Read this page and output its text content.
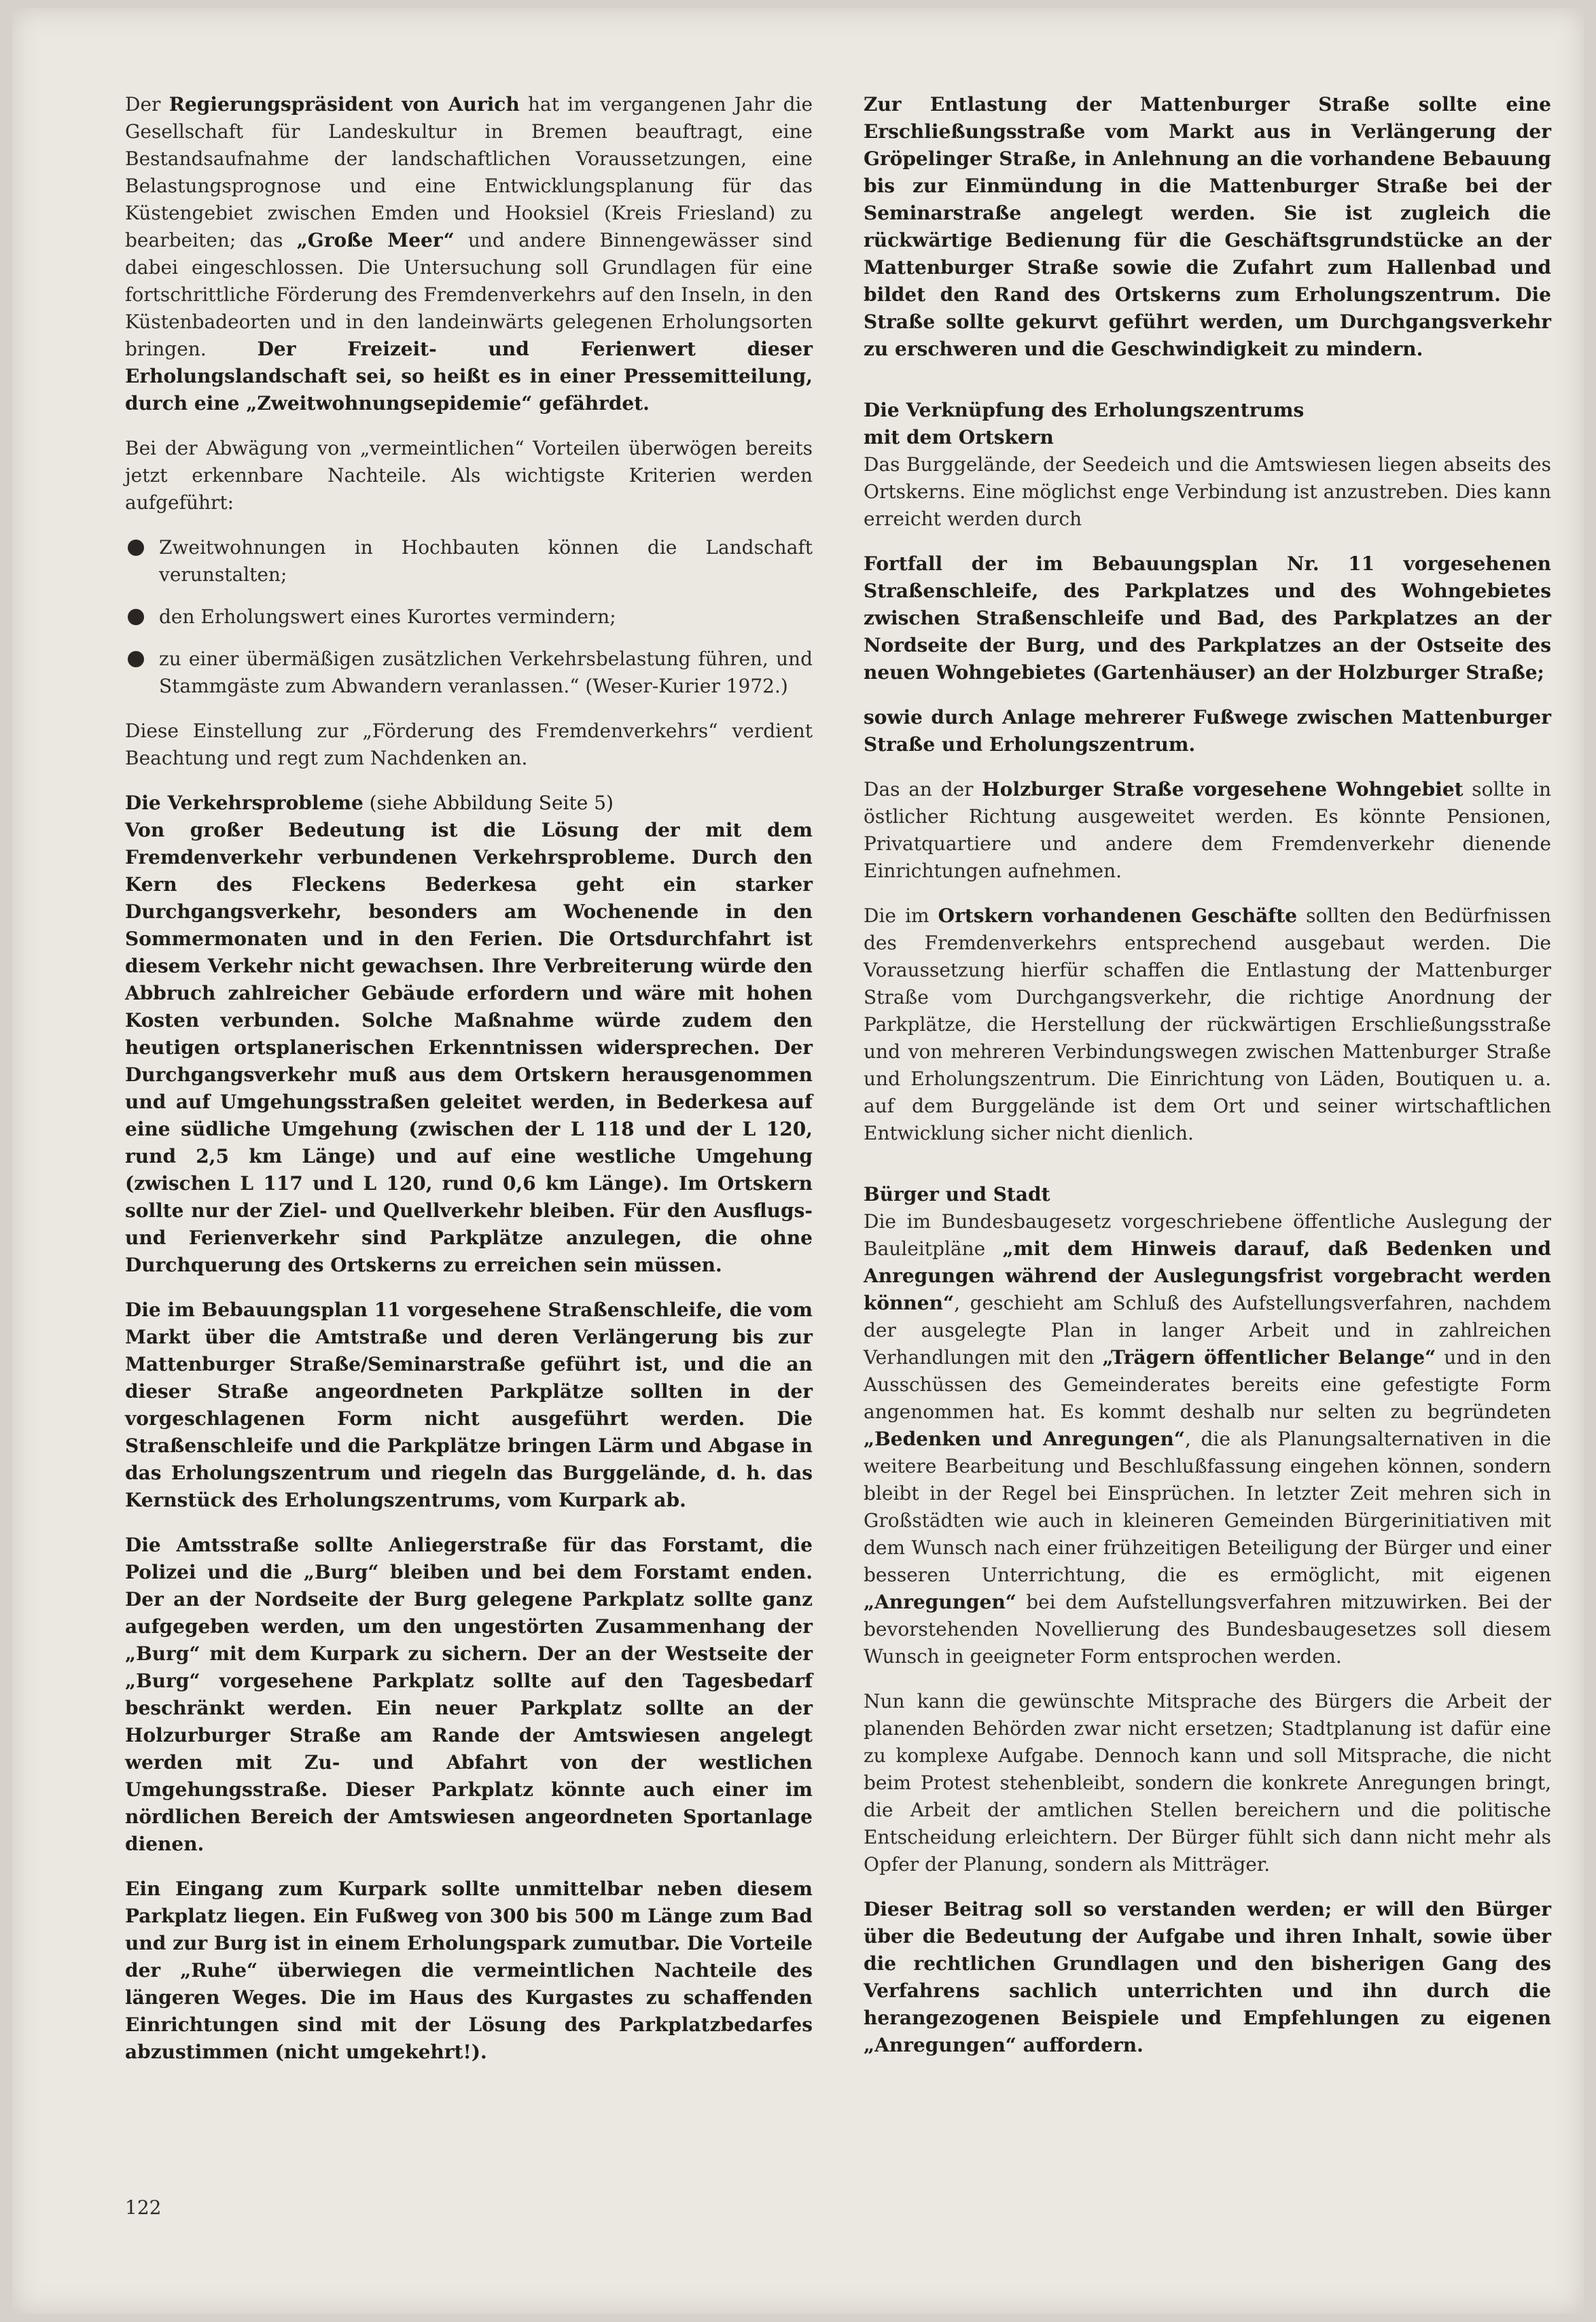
Der Regierungspräsident von Aurich hat im vergangenen Jahr die Gesellschaft für Landeskultur in Bremen beauftragt, eine Bestandsaufnahme der landschaftlichen Voraussetzungen, eine Belastungsprognose und eine Entwicklungsplanung für das Küstengebiet zwischen Emden und Hooksiel (Kreis Friesland) zu bearbeiten; das „Große Meer“ und andere Binnengewässer sind dabei eingeschlossen. Die Untersuchung soll Grundlagen für eine fortschrittliche Förderung des Fremdenverkehrs auf den Inseln, in den Küstenbadeorten und in den landeinwärts gelegenen Erholungsorten bringen. Der Freizeit- und Ferienwert dieser Erholungslandschaft sei, so heißt es in einer Pressemitteilung, durch eine „Zweitwohnungsepidemie“ gefährdet.

Bei der Abwägung von „vermeintlichen“ Vorteilen überwögen bereits jetzt erkennbare Nachteile. Als wichtigste Kriterien werden aufgeführt:

Zweitwohnungen in Hochbauten können die Landschaft verunstalten;
den Erholungswert eines Kurortes vermindern;
zu einer übermäßigen zusätzlichen Verkehrsbelastung führen, und Stammgäste zum Abwandern veranlassen.“ (Weser-Kurier 1972.)

Diese Einstellung zur „Förderung des Fremdenverkehrs“ verdient Beachtung und regt zum Nachdenken an.

Die Verkehrsprobleme (siehe Abbildung Seite 5)

Von großer Bedeutung ist die Lösung der mit dem Fremdenverkehr verbundenen Verkehrsprobleme. Durch den Kern des Fleckens Bederkesa geht ein starker Durchgangsverkehr, besonders am Wochenende in den Sommermonaten und in den Ferien. Die Ortsdurchfahrt ist diesem Verkehr nicht gewachsen. Ihre Verbreiterung würde den Abbruch zahlreicher Gebäude erfordern und wäre mit hohen Kosten verbunden. Solche Maßnahme würde zudem den heutigen ortsplanerischen Erkenntnissen widersprechen. Der Durchgangsverkehr muß aus dem Ortskern herausgenommen und auf Umgehungsstraßen geleitet werden, in Bederkesa auf eine südliche Umgehung (zwischen der L 118 und der L 120, rund 2,5 km Länge) und auf eine westliche Umgehung (zwischen L 117 und L 120, rund 0,6 km Länge). Im Ortskern sollte nur der Ziel- und Quellverkehr bleiben. Für den Ausflugs- und Ferienverkehr sind Parkplätze anzulegen, die ohne Durchquerung des Ortskerns zu erreichen sein müssen.

Die im Bebauungsplan 11 vorgesehene Straßenschleife, die vom Markt über die Amtstraße und deren Verlängerung bis zur Mattenburger Straße/Seminarstraße geführt ist, und die an dieser Straße angeordneten Parkplätze sollten in der vorgeschlagenen Form nicht ausgeführt werden. Die Straßenschleife und die Parkplätze bringen Lärm und Abgase in das Erholungszentrum und riegeln das Burggelände, d. h. das Kernstück des Erholungszentrums, vom Kurpark ab.

Die Amtsstraße sollte Anliegerstraße für das Forstamt, die Polizei und die „Burg“ bleiben und bei dem Forstamt enden. Der an der Nordseite der Burg gelegene Parkplatz sollte ganz aufgegeben werden, um den ungestörten Zusammenhang der „Burg“ mit dem Kurpark zu sichern. Der an der Westseite der „Burg“ vorgesehene Parkplatz sollte auf den Tagesbedarf beschränkt werden. Ein neuer Parkplatz sollte an der Holzurburger Straße am Rande der Amtswiesen angelegt werden mit Zu- und Abfahrt von der westlichen Umgehungsstraße. Dieser Parkplatz könnte auch einer im nördlichen Bereich der Amtswiesen angeordneten Sportanlage dienen.

Ein Eingang zum Kurpark sollte unmittelbar neben diesem Parkplatz liegen. Ein Fußweg von 300 bis 500 m Länge zum Bad und zur Burg ist in einem Erholungspark zumutbar. Die Vorteile der „Ruhe“ überwiegen die vermeintlichen Nachteile des längeren Weges. Die im Haus des Kurgastes zu schaffenden Einrichtungen sind mit der Lösung des Parkplatzbedarfes abzustimmen (nicht umgekehrt!).

Zur Entlastung der Mattenburger Straße sollte eine Erschließungsstraße vom Markt aus in Verlängerung der Gröpelinger Straße, in Anlehnung an die vorhandene Bebauung bis zur Einmündung in die Mattenburger Straße bei der Seminarstraße angelegt werden. Sie ist zugleich die rückwärtige Bedienung für die Geschäftsgrundstücke an der Mattenburger Straße sowie die Zufahrt zum Hallenbad und bildet den Rand des Ortskerns zum Erholungszentrum. Die Straße sollte gekurvt geführt werden, um Durchgangsverkehr zu erschweren und die Geschwindigkeit zu mindern.

Die Verknüpfung des Erholungszentrums
mit dem Ortskern

Das Burggelände, der Seedeich und die Amtswiesen liegen abseits des Ortskerns. Eine möglichst enge Verbindung ist anzustreben. Dies kann erreicht werden durch

Fortfall der im Bebauungsplan Nr. 11 vorgesehenen Straßenschleife, des Parkplatzes und des Wohngebietes zwischen Straßenschleife und Bad, des Parkplatzes an der Nordseite der Burg, und des Parkplatzes an der Ostseite des neuen Wohngebietes (Gartenhäuser) an der Holzburger Straße;

sowie durch Anlage mehrerer Fußwege zwischen Mattenburger Straße und Erholungszentrum.

Das an der Holzburger Straße vorgesehene Wohngebiet sollte in östlicher Richtung ausgeweitet werden. Es könnte Pensionen, Privatquartiere und andere dem Fremdenverkehr dienende Einrichtungen aufnehmen.

Die im Ortskern vorhandenen Geschäfte sollten den Bedürfnissen des Fremdenverkehrs entsprechend ausgebaut werden. Die Voraussetzung hierfür schaffen die Entlastung der Mattenburger Straße vom Durchgangsverkehr, die richtige Anordnung der Parkplätze, die Herstellung der rückwärtigen Erschließungsstraße und von mehreren Verbindungswegen zwischen Mattenburger Straße und Erholungszentrum. Die Einrichtung von Läden, Boutiquen u. a. auf dem Burggelände ist dem Ort und seiner wirtschaftlichen Entwicklung sicher nicht dienlich.

Bürger und Stadt

Die im Bundesbaugesetz vorgeschriebene öffentliche Auslegung der Bauleitpläne „mit dem Hinweis darauf, daß Bedenken und Anregungen während der Auslegungsfrist vorgebracht werden können“, geschieht am Schluß des Aufstellungsverfahren, nachdem der ausgelegte Plan in langer Arbeit und in zahlreichen Verhandlungen mit den „Trägern öffentlicher Belange“ und in den Ausschüssen des Gemeinderates bereits eine gefestigte Form angenommen hat. Es kommt deshalb nur selten zu begründeten „Bedenken und Anregungen“, die als Planungsalternativen in die weitere Bearbeitung und Beschlußfassung eingehen können, sondern bleibt in der Regel bei Einsprüchen. In letzter Zeit mehren sich in Großstädten wie auch in kleineren Gemeinden Bürgerinitiativen mit dem Wunsch nach einer frühzeitigen Beteiligung der Bürger und einer besseren Unterrichtung, die es ermöglicht, mit eigenen „Anregungen“ bei dem Aufstellungsverfahren mitzuwirken. Bei der bevorstehenden Novellierung des Bundesbaugesetzes soll diesem Wunsch in geeigneter Form entsprochen werden.

Nun kann die gewünschte Mitsprache des Bürgers die Arbeit der planenden Behörden zwar nicht ersetzen; Stadtplanung ist dafür eine zu komplexe Aufgabe. Dennoch kann und soll Mitsprache, die nicht beim Protest stehenbleibt, sondern die konkrete Anregungen bringt, die Arbeit der amtlichen Stellen bereichern und die politische Entscheidung erleichtern. Der Bürger fühlt sich dann nicht mehr als Opfer der Planung, sondern als Mitträger.

Dieser Beitrag soll so verstanden werden; er will den Bürger über die Bedeutung der Aufgabe und ihren Inhalt, sowie über die rechtlichen Grundlagen und den bisherigen Gang des Verfahrens sachlich unterrichten und ihn durch die herangezogenen Beispiele und Empfehlungen zu eigenen „Anregungen“ auffordern.

122
